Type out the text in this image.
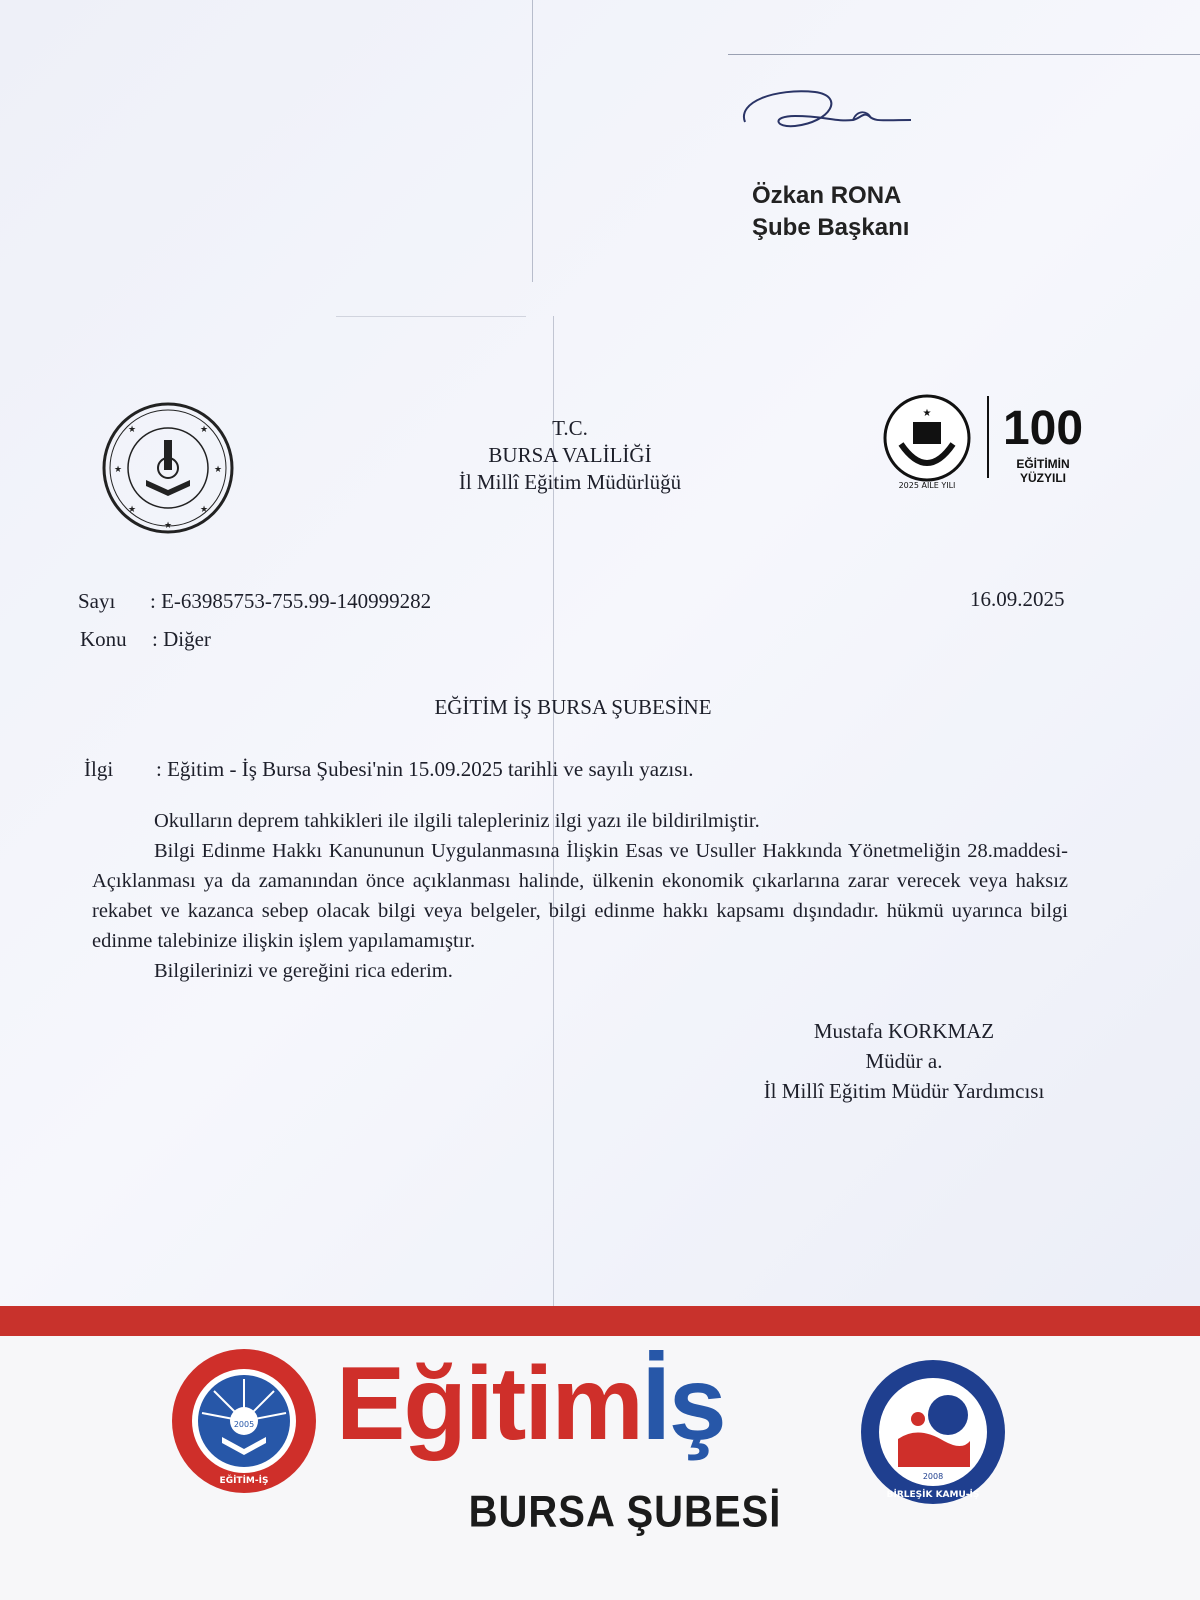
Özkan RONA
Şube Başkanı
★	★
★	★
★	★
★
★
2025 AİLE YILI
100
EĞİTİMİN
YÜZYILI
T.C.
BURSA VALİLİĞİ
İl Millî Eğitim Müdürlüğü
Sayı	: E-63985753-755.99-140999282
Konu	: Diğer
16.09.2025
EĞİTİM İŞ BURSA ŞUBESİNE
İlgi	: Eğitim - İş Bursa Şubesi'nin 15.09.2025 tarihli ve sayılı yazısı.

Okulların deprem tahkikleri ile ilgili talepleriniz ilgi yazı ile bildirilmiştir.

Bilgi Edinme Hakkı Kanununun Uygulanmasına İlişkin Esas ve Usuller Hakkında Yönetmeliğin 28.maddesi- Açıklanması ya da zamanından önce açıklanması halinde, ülkenin ekonomik çıkarlarına zarar verecek veya haksız rekabet ve kazanca sebep olacak bilgi veya belgeler, bilgi edinme hakkı kapsamı dışındadır. hükmü uyarınca bilgi edinme talebinize ilişkin işlem yapılamamıştır.

Bilgilerinizi ve gereğini rica ederim.

Mustafa KORKMAZ
Müdür a.
İl Millî Eğitim Müdür Yardımcısı
2005
EĞİTİM-İŞ
Eğitimİş
BURSA ŞUBESİ
2008
BİRLEŞİK KAMU-İŞ
